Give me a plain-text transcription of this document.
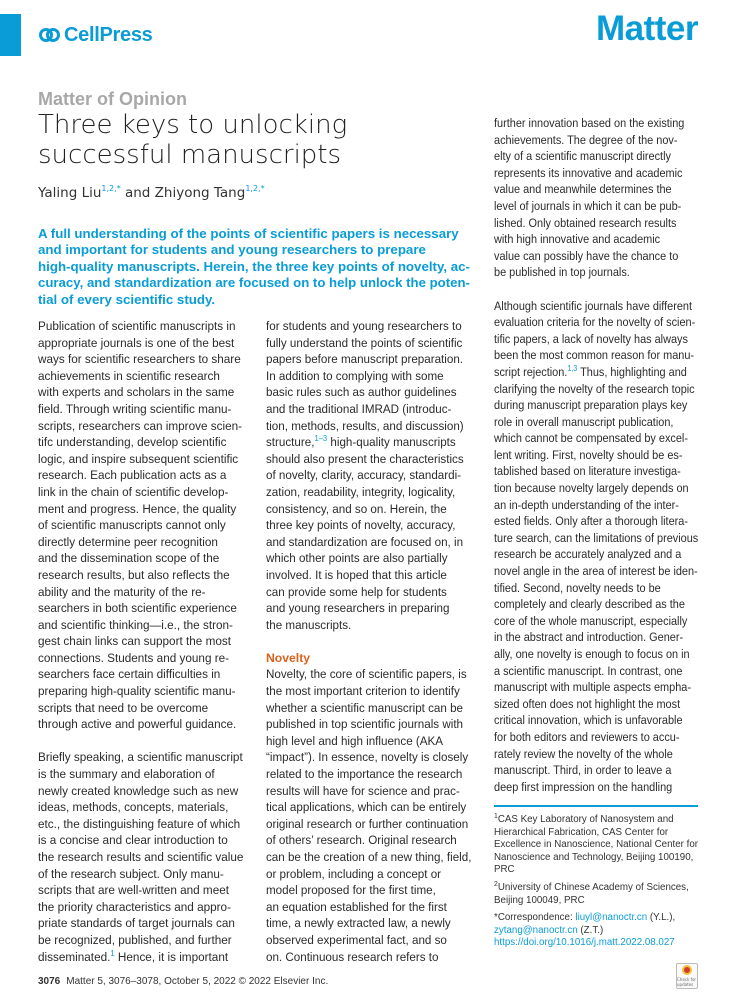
CellPress	Matter
Matter of Opinion
Three keys to unlocking
successful manuscripts
Yaling Liu$^{1,2,*}$ and Zhiyong Tang$^{1,2,*}$
A full understanding of the points of scientific papers is necessary
and important for students and young researchers to prepare
high-quality manuscripts. Herein, the three key points of novelty, ac-
curacy, and standardization are focused on to help unlock the poten-
tial of every scientific study.
Publication of scientific manuscripts in
appropriate journals is one of the best
ways for scientific researchers to share
achievements in scientific research
with experts and scholars in the same
field. Through writing scientific manu-
scripts, researchers can improve scien-
tifc understanding, develop scientific
logic, and inspire subsequent scientific
research. Each publication acts as a
link in the chain of scientific develop-
ment and progress. Hence, the quality
of scientific manuscripts cannot only
directly determine peer recognition
and the dissemination scope of the
research results, but also reflects the
ability and the maturity of the re-
searchers in both scientific experience
and scientific thinking—i.e., the stron-
gest chain links can support the most
connections. Students and young re-
searchers face certain difficulties in
preparing high-quality scientific manu-
scripts that need to be overcome
through active and powerful guidance.
Briefly speaking, a scientific manuscript
is the summary and elaboration of
newly created knowledge such as new
ideas, methods, concepts, materials,
etc., the distinguishing feature of which
is a concise and clear introduction to
the research results and scientific value
of the research subject. Only manu-
scripts that are well-written and meet
the priority characteristics and appro-
priate standards of target journals can
be recognized, published, and further
disseminated.$^1$ Hence, it is important
for students and young researchers to
fully understand the points of scientific
papers before manuscript preparation.
In addition to complying with some
basic rules such as author guidelines
and the traditional IMRAD (introduc-
tion, methods, results, and discussion)
structure,$^{1-3}$ high-quality manuscripts
should also present the characteristics
of novelty, clarity, accuracy, standardi-
zation, readability, integrity, logicality,
consistency, and so on. Herein, the
three key points of novelty, accuracy,
and standardization are focused on, in
which other points are also partially
involved. It is hoped that this article
can provide some help for students
and young researchers in preparing
the manuscripts.
Novelty
Novelty, the core of scientific papers, is
the most important criterion to identify
whether a scientific manuscript can be
published in top scientific journals with
high level and high influence (AKA
“impact”). In essence, novelty is closely
related to the importance the research
results will have for science and prac-
tical applications, which can be entirely
original research or further continuation
of others’ research. Original research
can be the creation of a new thing, field,
or problem, including a concept or
model proposed for the first time,
an equation established for the first
time, a newly extracted law, a newly
observed experimental fact, and so
on. Continuous research refers to
further innovation based on the existing
achievements. The degree of the nov-
elty of a scientific manuscript directly
represents its innovative and academic
value and meanwhile determines the
level of journals in which it can be pub-
lished. Only obtained research results
with high innovative and academic
value can possibly have the chance to
be published in top journals.
Although scientific journals have different
evaluation criteria for the novelty of scien-
tific papers, a lack of novelty has always
been the most common reason for manu-
script rejection.$^{1,3}$ Thus, highlighting and
clarifying the novelty of the research topic
during manuscript preparation plays key
role in overall manuscript publication,
which cannot be compensated by excel-
lent writing. First, novelty should be es-
tablished based on literature investiga-
tion because novelty largely depends on
an in-depth understanding of the inter-
ested fields. Only after a thorough litera-
ture search, can the limitations of previous
research be accurately analyzed and a
novel angle in the area of interest be iden-
tified. Second, novelty needs to be
completely and clearly described as the
core of the whole manuscript, especially
in the abstract and introduction. Gener-
ally, one novelty is enough to focus on in
a scientific manuscript. In contrast, one
manuscript with multiple aspects empha-
sized often does not highlight the most
critical innovation, which is unfavorable
for both editors and reviewers to accu-
rately review the novelty of the whole
manuscript. Third, in order to leave a
deep first impression on the handling
$^1$CAS Key Laboratory of Nanosystem and
Hierarchical Fabrication, CAS Center for
Excellence in Nanoscience, National Center for
Nanoscience and Technology, Beijing 100190,
PRC
$^2$University of Chinese Academy of Sciences,
Beijing 100049, PRC
*Correspondence: liuyl@nanoctr.cn (Y.L.),
zytang@nanoctr.cn (Z.T.)
https://doi.org/10.1016/j.matt.2022.08.027
3076 Matter 5, 3076–3078, October 5, 2022 © 2022 Elsevier Inc.	Check for updates
